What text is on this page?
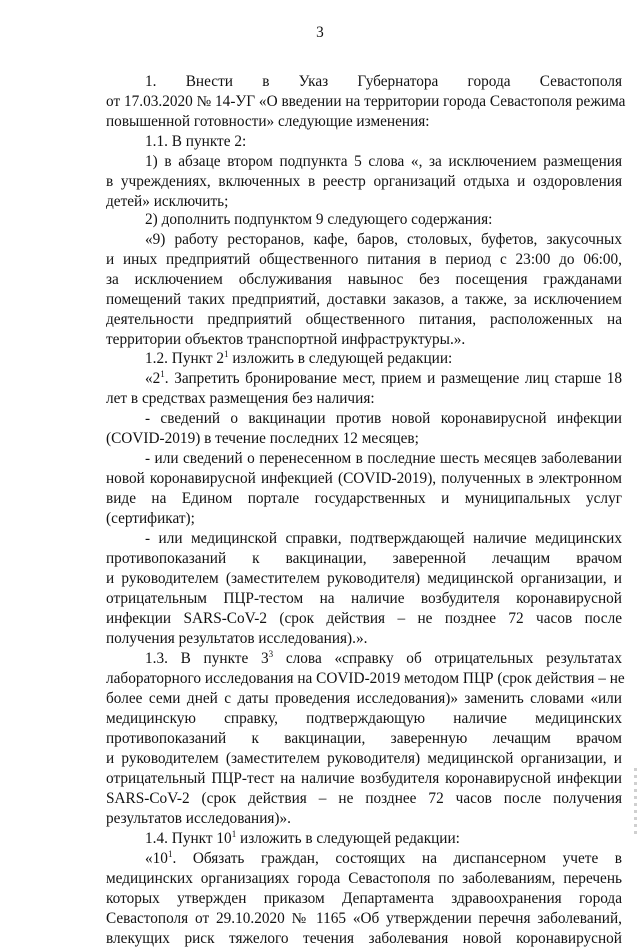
3
1. Внести в Указ Губернатора города Севастополя
от 17.03.2020 № 14-УГ «О введении на территории города Севастополя режима
повышенной готовности» следующие изменения:
1.1. В пункте 2:
1) в абзаце втором подпункта 5 слова «, за исключением размещения
в учреждениях, включенных в реестр организаций отдыха и оздоровления
детей» исключить;
2) дополнить подпунктом 9 следующего содержания:
«9) работу ресторанов, кафе, баров, столовых, буфетов, закусочных
и иных предприятий общественного питания в период с 23:00 до 06:00,
за исключением обслуживания навынос без посещения гражданами
помещений таких предприятий, доставки заказов, а также, за исключением
деятельности предприятий общественного питания, расположенных на
территории объектов транспортной инфраструктуры.».
1.2. Пункт $2^1$ изложить в следующей редакции:
«$2^1$. Запретить бронирование мест, прием и размещение лиц старше 18
лет в средствах размещения без наличия:
- сведений о вакцинации против новой коронавирусной инфекции
(COVID-2019) в течение последних 12 месяцев;
- или сведений о перенесенном в последние шесть месяцев заболевании
новой коронавирусной инфекцией (COVID-2019), полученных в электронном
виде на Едином портале государственных и муниципальных услуг
(сертификат);
- или медицинской справки, подтверждающей наличие медицинских
противопоказаний к вакцинации, заверенной лечащим врачом
и руководителем (заместителем руководителя) медицинской организации, и
отрицательным ПЦР-тестом на наличие возбудителя коронавирусной
инфекции SARS-CoV-2 (срок действия – не позднее 72 часов после
получения результатов исследования).».
1.3. В пункте $3^3$ слова «справку об отрицательных результатах
лабораторного исследования на COVID-2019 методом ПЦР (срок действия – не
более семи дней с даты проведения исследования)» заменить словами «или
медицинскую справку, подтверждающую наличие медицинских
противопоказаний к вакцинации, заверенную лечащим врачом
и руководителем (заместителем руководителя) медицинской организации, и
отрицательный ПЦР-тест на наличие возбудителя коронавирусной инфекции
SARS-CoV-2 (срок действия – не позднее 72 часов после получения
результатов исследования)».
1.4. Пункт $10^1$ изложить в следующей редакции:
«$10^1$. Обязать граждан, состоящих на диспансерном учете в
медицинских организациях города Севастополя по заболеваниям, перечень
которых утвержден приказом Департамента здравоохранения города
Севастополя от 29.10.2020 № 1165 «Об утверждении перечня заболеваний,
влекущих риск тяжелого течения заболевания новой коронавирусной
